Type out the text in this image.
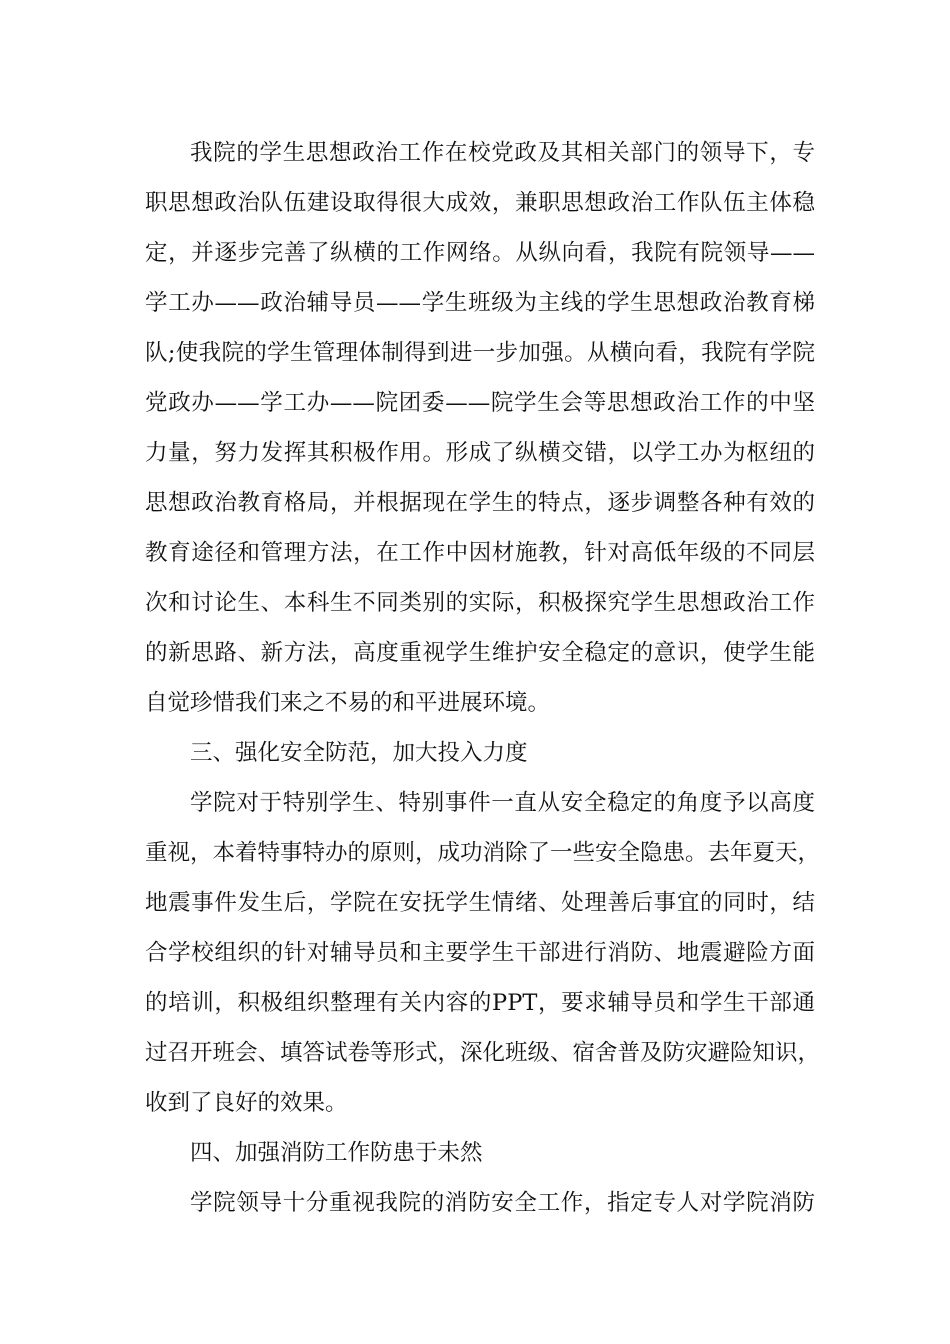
我院的学生思想政治工作在校党政及其相关部门的领导下，专
职思想政治队伍建设取得很大成效，兼职思想政治工作队伍主体稳
定，并逐步完善了纵横的工作网络。从纵向看，我院有院领导——
学工办——政治辅导员——学生班级为主线的学生思想政治教育梯
队;使我院的学生管理体制得到进一步加强。从横向看，我院有学院
党政办——学工办——院团委——院学生会等思想政治工作的中坚
力量，努力发挥其积极作用。形成了纵横交错，以学工办为枢纽的
思想政治教育格局，并根据现在学生的特点，逐步调整各种有效的
教育途径和管理方法，在工作中因材施教，针对高低年级的不同层
次和讨论生、本科生不同类别的实际，积极探究学生思想政治工作
的新思路、新方法，高度重视学生维护安全稳定的意识，使学生能
自觉珍惜我们来之不易的和平进展环境。
三、强化安全防范，加大投入力度
学院对于特别学生、特别事件一直从安全稳定的角度予以高度
重视，本着特事特办的原则，成功消除了一些安全隐患。去年夏天，
地震事件发生后，学院在安抚学生情绪、处理善后事宜的同时，结
合学校组织的针对辅导员和主要学生干部进行消防、地震避险方面
的培训，积极组织整理有关内容的PPT，要求辅导员和学生干部通
过召开班会、填答试卷等形式，深化班级、宿舍普及防灾避险知识，
收到了良好的效果。
四、加强消防工作防患于未然
学院领导十分重视我院的消防安全工作，指定专人对学院消防
